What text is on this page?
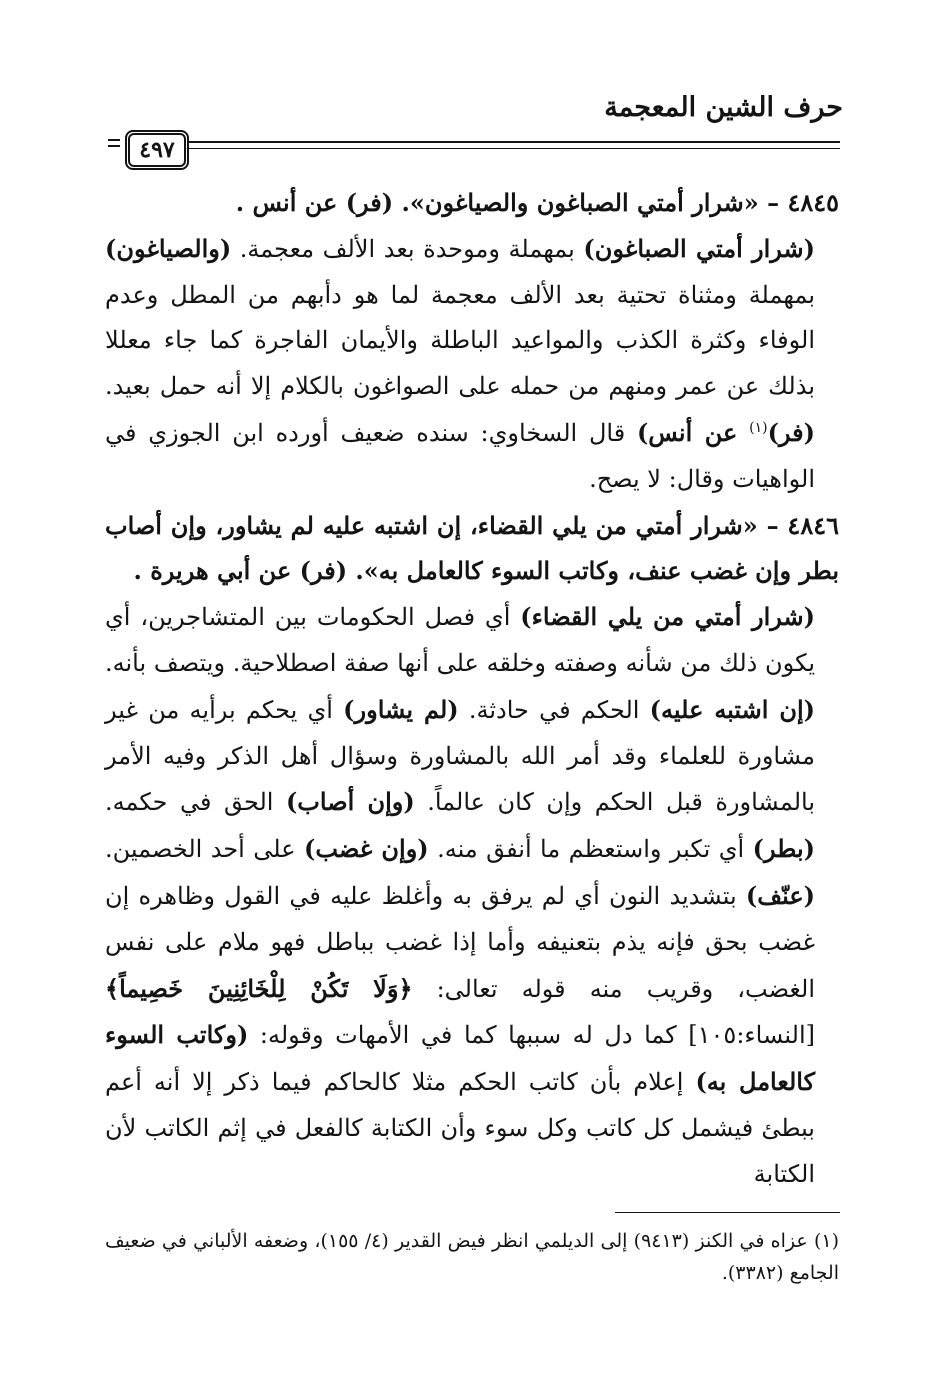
حرف الشين المعجمة
٤٩٧

٤٨٤٥ – «شرار أمتي الصباغون والصياغون». (فر) عن أنس .

(شرار أمتي الصباغون) بمهملة وموحدة بعد الألف معجمة. (والصياغون) بمهملة ومثناة تحتية بعد الألف معجمة لما هو دأبهم من المطل وعدم الوفاء وكثرة الكذب والمواعيد الباطلة والأيمان الفاجرة كما جاء معللا بذلك عن عمر ومنهم من حمله على الصواغون بالكلام إلا أنه حمل بعيد. (فر)$^{(١)}$ عن أنس) قال السخاوي: سنده ضعيف أورده ابن الجوزي في الواهيات وقال: لا يصح.

٤٨٤٦ – «شرار أمتي من يلي القضاء، إن اشتبه عليه لم يشاور، وإن أصاب بطر وإن غضب عنف، وكاتب السوء كالعامل به». (فر) عن أبي هريرة .

(شرار أمتي من يلي القضاء) أي فصل الحكومات بين المتشاجرين، أي يكون ذلك من شأنه وصفته وخلقه على أنها صفة اصطلاحية. ويتصف بأنه. (إن اشتبه عليه) الحكم في حادثة. (لم يشاور) أي يحكم برأيه من غير مشاورة للعلماء وقد أمر الله بالمشاورة وسؤال أهل الذكر وفيه الأمر بالمشاورة قبل الحكم وإن كان عالماً. (وإن أصاب) الحق في حكمه. (بطر) أي تكبر واستعظم ما أنفق منه. (وإن غضب) على أحد الخصمين. (عنّف) بتشديد النون أي لم يرفق به وأغلظ عليه في القول وظاهره إن غضب بحق فإنه يذم بتعنيفه وأما إذا غضب بباطل فهو ملام على نفس الغضب، وقريب منه قوله تعالى: ﴿وَلَا تَكُنْ لِلْخَائِنِينَ خَصِيماً﴾ [النساء:١٠٥] كما دل له سببها كما في الأمهات وقوله: (وكاتب السوء كالعامل به) إعلام بأن كاتب الحكم مثلا كالحاكم فيما ذكر إلا أنه أعم ببطئ فيشمل كل كاتب وكل سوء وأن الكتابة كالفعل في إثم الكاتب لأن الكتابة

(١) عزاه في الكنز (٩٤١٣) إلى الديلمي انظر فيض القدير (٤/ ١٥٥)، وضعفه الألباني في ضعيف الجامع (٣٣٨٢).
